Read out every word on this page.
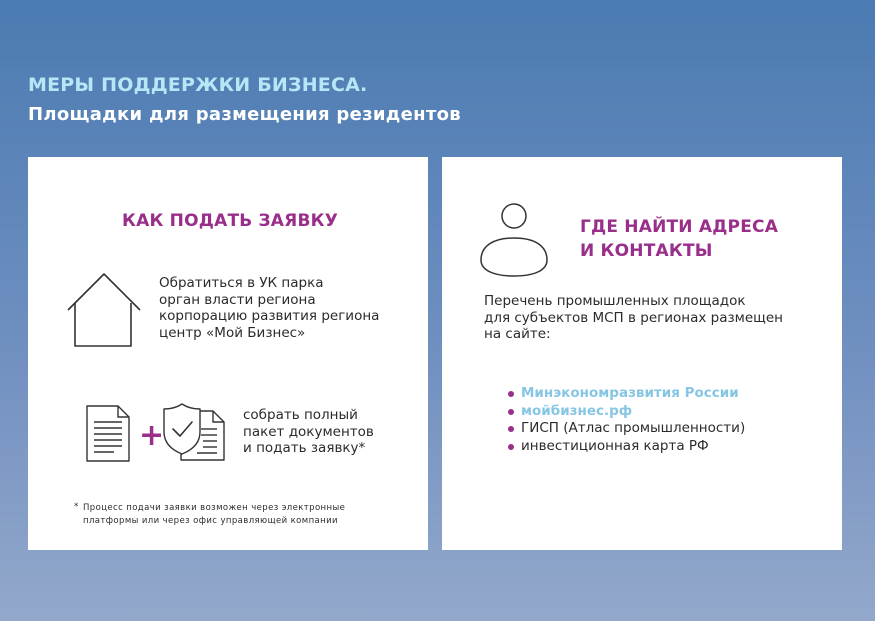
МЕРЫ ПОДДЕРЖКИ БИЗНЕСА.
Площадки для размещения резидентов
КАК ПОДАТЬ ЗАЯВКУ

Обратиться в УК парка
орган власти региона
корпорацию развития региона
центр «Мой Бизнес»

+

собрать полный
пакет документов
и подать заявку*

* Процесс подачи заявки возможен через электронные
платформы или через офис управляющей компании

ГДЕ НАЙТИ АДРЕСА
И КОНТАКТЫ

Перечень промышленных площадок
для субъектов МСП в регионах размещен
на сайте:

Минэкономразвития России
мойбизнес.рф
ГИСП (Атлас промышленности)
инвестиционная карта РФ
